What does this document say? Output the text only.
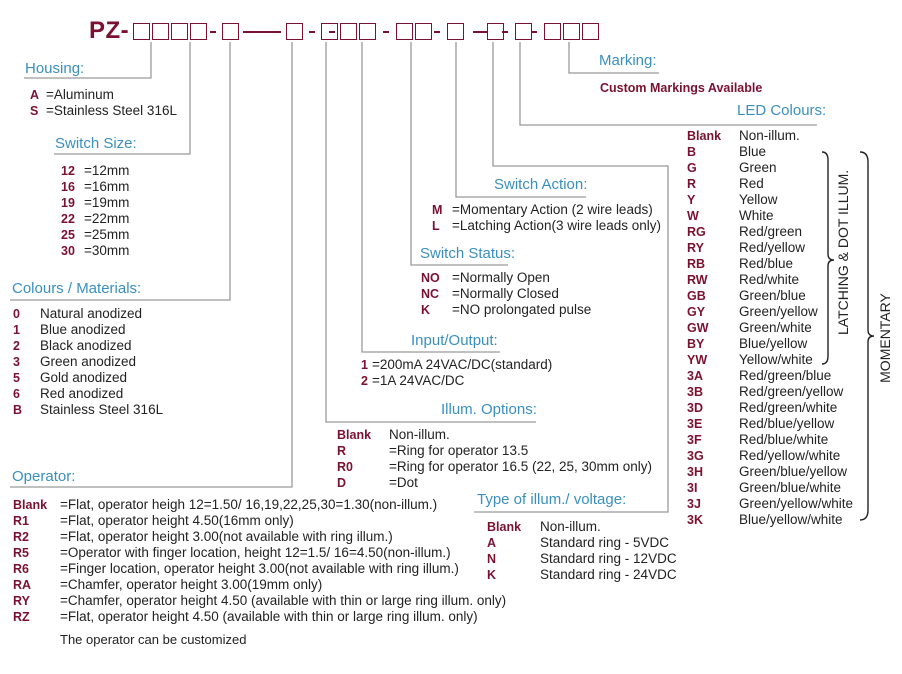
PZ-
Housing:
A =Aluminum
S =Stainless Steel 316L
Switch Size:
12 =12mm
16 =16mm
19 =19mm
22 =22mm
25 =25mm
30 =30mm
Colours / Materials:
0 Natural anodized
1 Blue anodized
2 Black anodized
3 Green anodized
5 Gold anodized
6 Red anodized
B Stainless Steel 316L
Operator:
Blank =Flat, operator heigh 12=1.50/ 16,19,22,25,30=1.30(non-illum.)
R1 =Flat, operator height 4.50(16mm only)
R2 =Flat, operator height 3.00(not available with ring illum.)
R5 =Operator with finger location, height 12=1.5/ 16=4.50(non-illum.)
R6 =Finger location, operator height 3.00(not available with ring illum.)
RA =Chamfer, operator height 3.00(19mm only)
RY =Chamfer, operator height 4.50 (available with thin or large ring illum. only)
RZ =Flat, operator height 4.50 (available with thin or large ring illum. only)
The operator can be customized
Illum. Options:
Blank Non-illum.
R	=Ring for operator 13.5
R0	=Ring for operator 16.5 (22, 25, 30mm only)
D	=Dot
Input/Output:
1 =200mA 24VAC/DC(standard)
2 =1A 24VAC/DC
Switch Status:
NO =Normally Open
NC =Normally Closed
K =NO prolongated pulse
Switch Action:
M =Momentary Action (2 wire leads)
L =Latching Action(3 wire leads only)
Type of illum./ voltage:
Blank Non-illum.
A	Standard ring - 5VDC
N	Standard ring - 12VDC
K	Standard ring - 24VDC
LED Colours:
Blank Non-illum.
B	Blue
G	Green
R	Red
Y	Yellow
W	White
RG Red/green
RY	Red/yellow
RB	Red/blue
RW Red/white
GB Green/blue
GY	Green/yellow
GW Green/white
BY	Blue/yellow
YW Yellow/white
3A	Red/green/blue
3B	Red/green/yellow
3D	Red/green/white
3E	Red/blue/yellow
3F	Red/blue/white
3G	Red/yellow/white
3H	Green/blue/yellow
3I	Green/blue/white
3J	Green/yellow/white
3K	Blue/yellow/white
LATCHING & DOT ILLUM.
MOMENTARY
Marking:
Custom Markings Available
